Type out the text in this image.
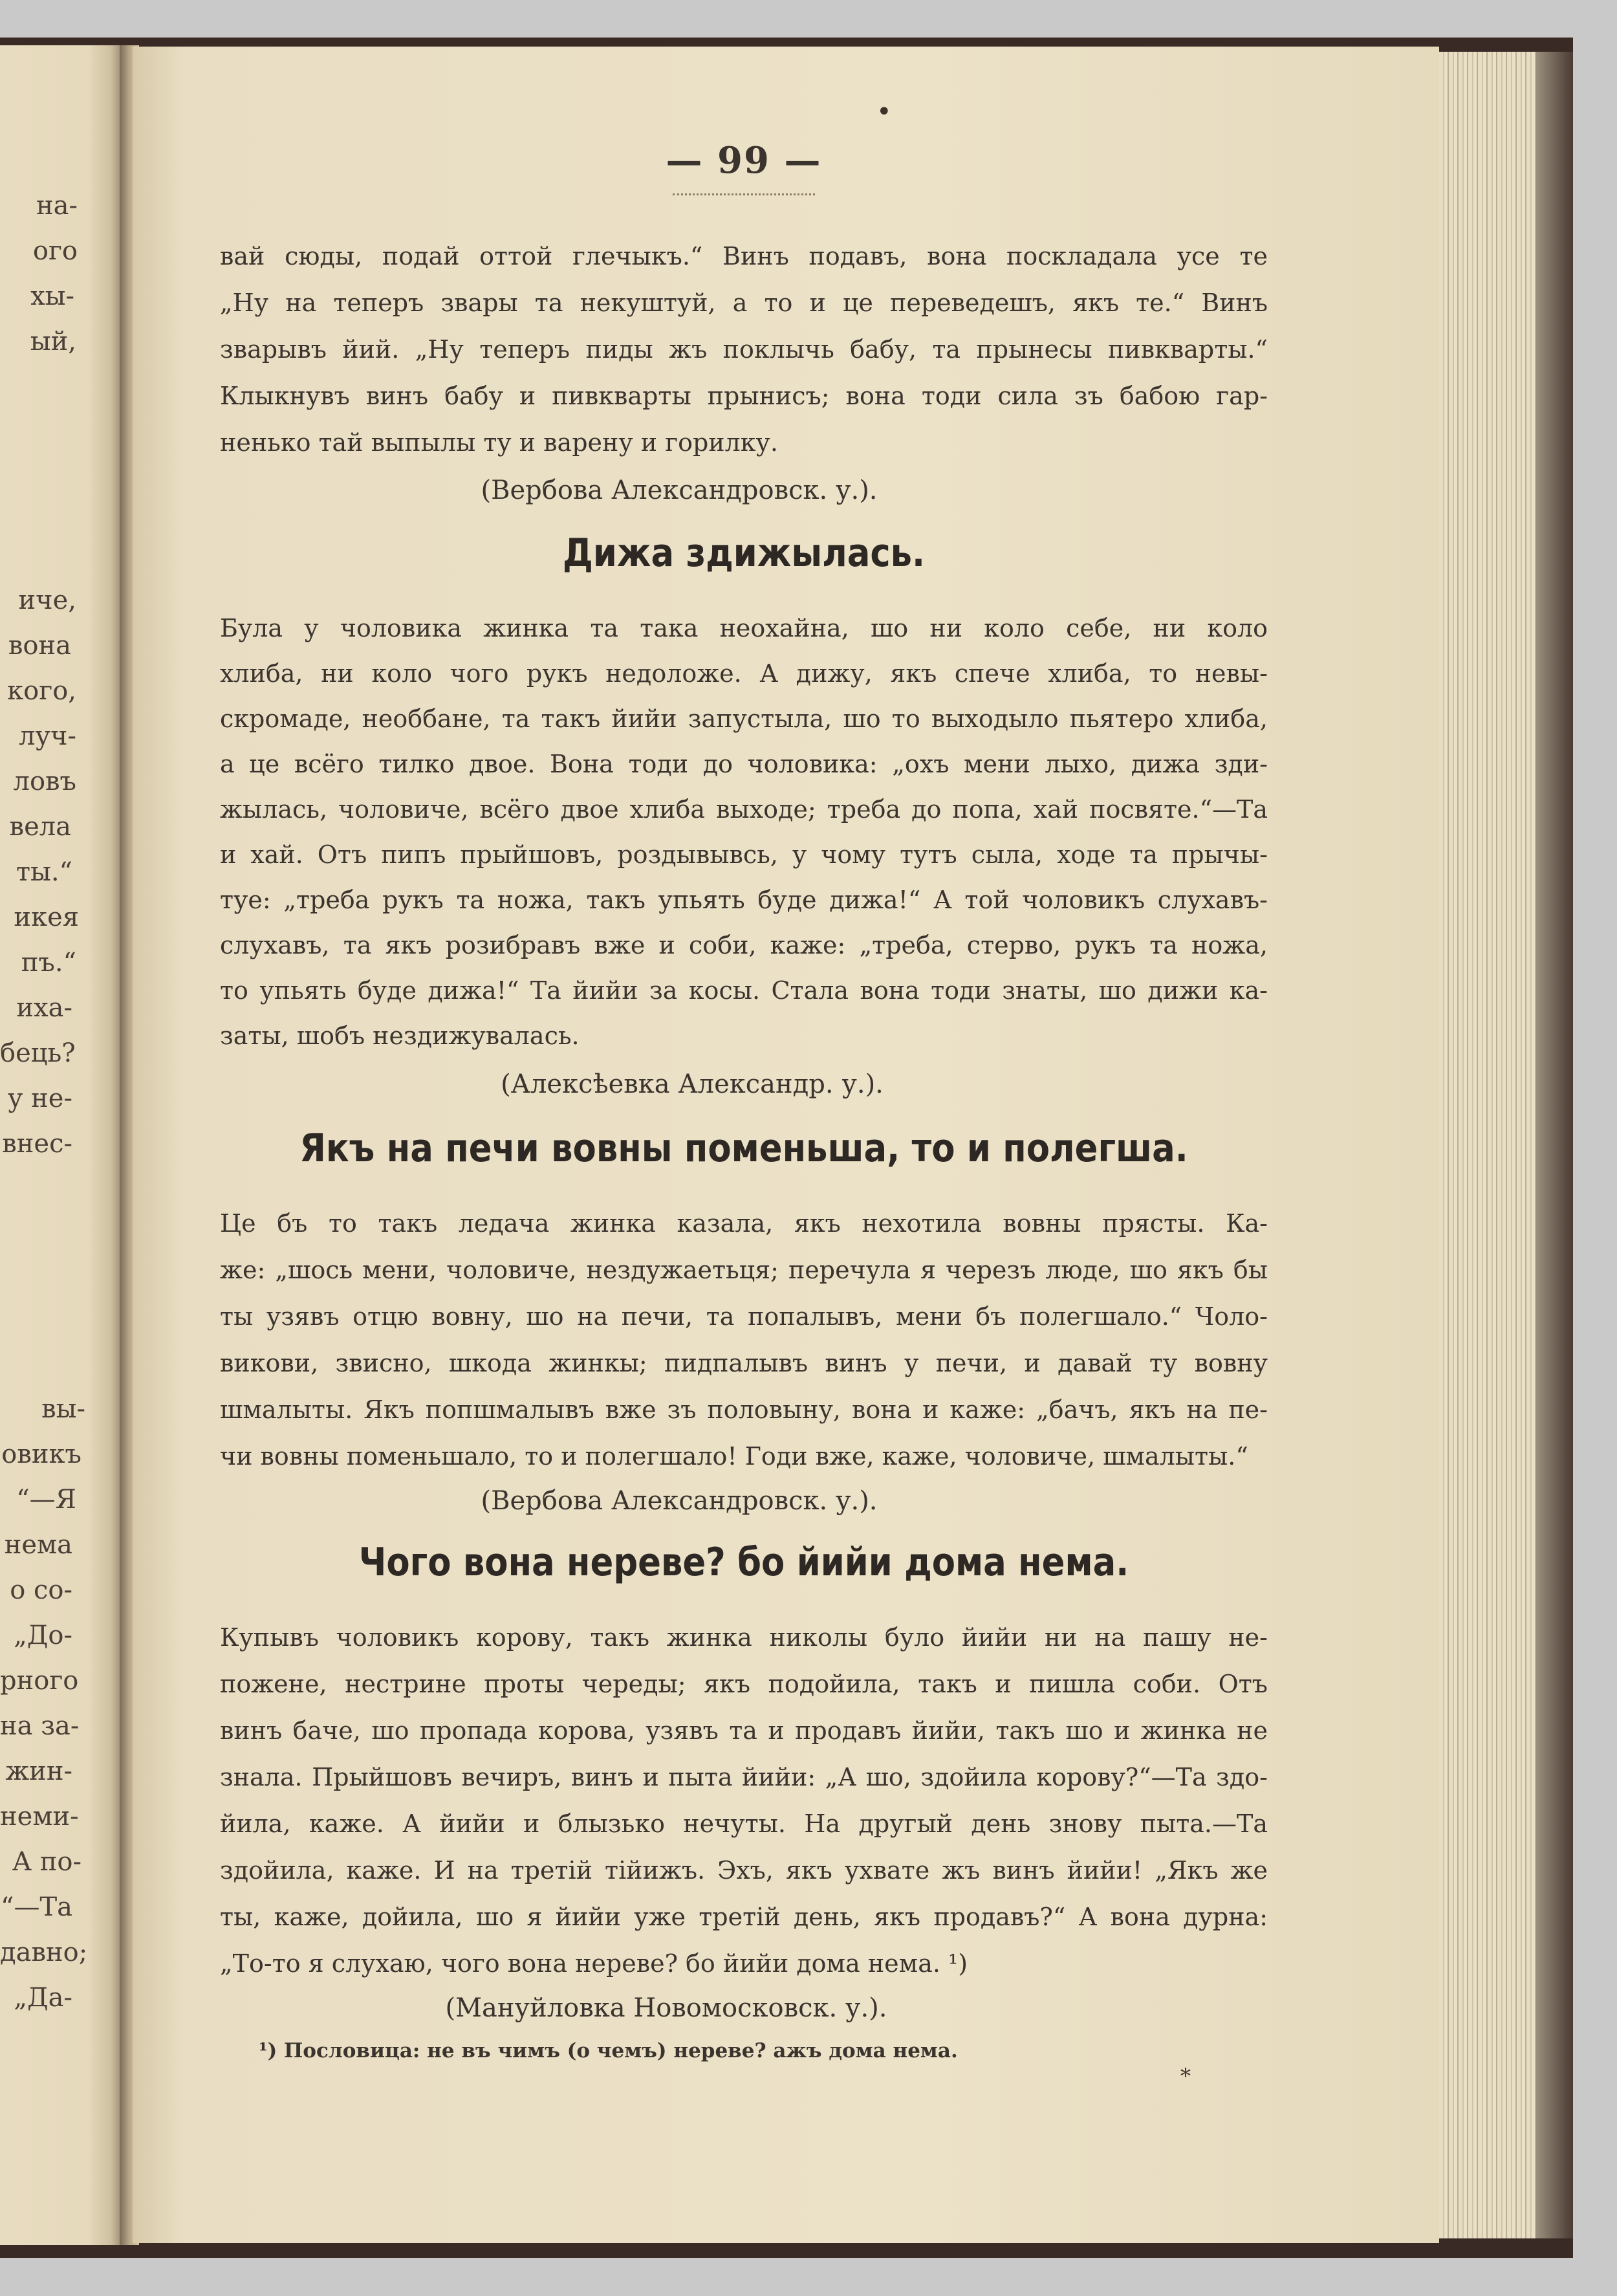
на-
ого
хы-
ый,
иче,
вона
кого,
луч-
ловъ
вела
ты.“
икея
пъ.“
иха-
бець?
у не-
внес-
вы-
овикъ
“—Я
нема
о со-
„До-
рного
на за-
жин-
неми-
А по-
“—Та
давно;
„Да-
•
*
— 99 —
вай сюды, подай оттой глечыкъ.“ Винъ подавъ, вона поскладала усе те
„Ну на теперъ звары та некуштуй, а то и це переведешъ, якъ те.“ Винъ
зварывъ йий. „Ну теперъ пиды жъ поклычь бабу, та прынесы пивкварты.“
Клыкнувъ винъ бабу и пивкварты прынисъ; вона тоди сила зъ бабою гар-
ненько тай выпылы ту и варену и горилку.
(Вербова Александровск. у.).
Дижа здижылась.
Була у чоловика жинка та така неохайна, шо ни коло себе, ни коло
хлиба, ни коло чого рукъ недоложе. А дижу, якъ спече хлиба, то невы-
скромаде, необбане, та такъ йийи запустыла, шо то выходыло пьятеро хлиба,
а це всёго тилко двое. Вона тоди до чоловика: „охъ мени лыхо, дижа зди-
жылась, чоловиче, всёго двое хлиба выходе; треба до попа, хай посвяте.“—Та
и хай. Отъ пипъ прыйшовъ, роздывывсь, у чому тутъ сыла, ходе та прычы-
туе: „треба рукъ та ножа, такъ упьять буде дижа!“ А той чоловикъ слухавъ-
слухавъ, та якъ розибравъ вже и соби, каже: „треба, стерво, рукъ та ножа,
то упьять буде дижа!“ Та йийи за косы. Стала вона тоди знаты, шо дижи ка-
заты, шобъ нездижувалась.
(Алексѣевка Александр. у.).
Якъ на печи вовны поменьша, то и полегша.
Це бъ то такъ ледача жинка казала, якъ нехотила вовны прясты. Ка-
же: „шось мени, чоловиче, нездужаетьця; перечула я черезъ люде, шо якъ бы
ты узявъ отцю вовну, шо на печи, та попалывъ, мени бъ полегшало.“ Чоло-
викови, звисно, шкода жинкы; пидпалывъ винъ у печи, и давай ту вовну
шмалыты. Якъ попшмалывъ вже зъ половыну, вона и каже: „бачъ, якъ на пе-
чи вовны поменьшало, то и полегшало! Годи вже, каже, чоловиче, шмалыты.“
(Вербова Александровск. у.).
Чого вона нереве? бо йийи дома нема.
Купывъ чоловикъ корову, такъ жинка николы було йийи ни на пашу не-
пожене, нестрине проты череды; якъ подойила, такъ и пишла соби. Отъ
винъ баче, шо пропада корова, узявъ та и продавъ йийи, такъ шо и жинка не
знала. Прыйшовъ вечиръ, винъ и пыта йийи: „А шо, здойила корову?“—Та здо-
йила, каже. А йийи и блызько нечуты. На другый день знову пыта.—Та
здойила, каже. И на третій тійижъ. Эхъ, якъ ухвате жъ винъ йийи! „Якъ же
ты, каже, дойила, шо я йийи уже третій день, якъ продавъ?“ А вона дурна:
„То-то я слухаю, чого вона нереве? бо йийи дома нема. ¹)
(Мануйловка Новомосковск. у.).
¹) Пословица: не въ чимъ (о чемъ) нереве? ажъ дома нема.
